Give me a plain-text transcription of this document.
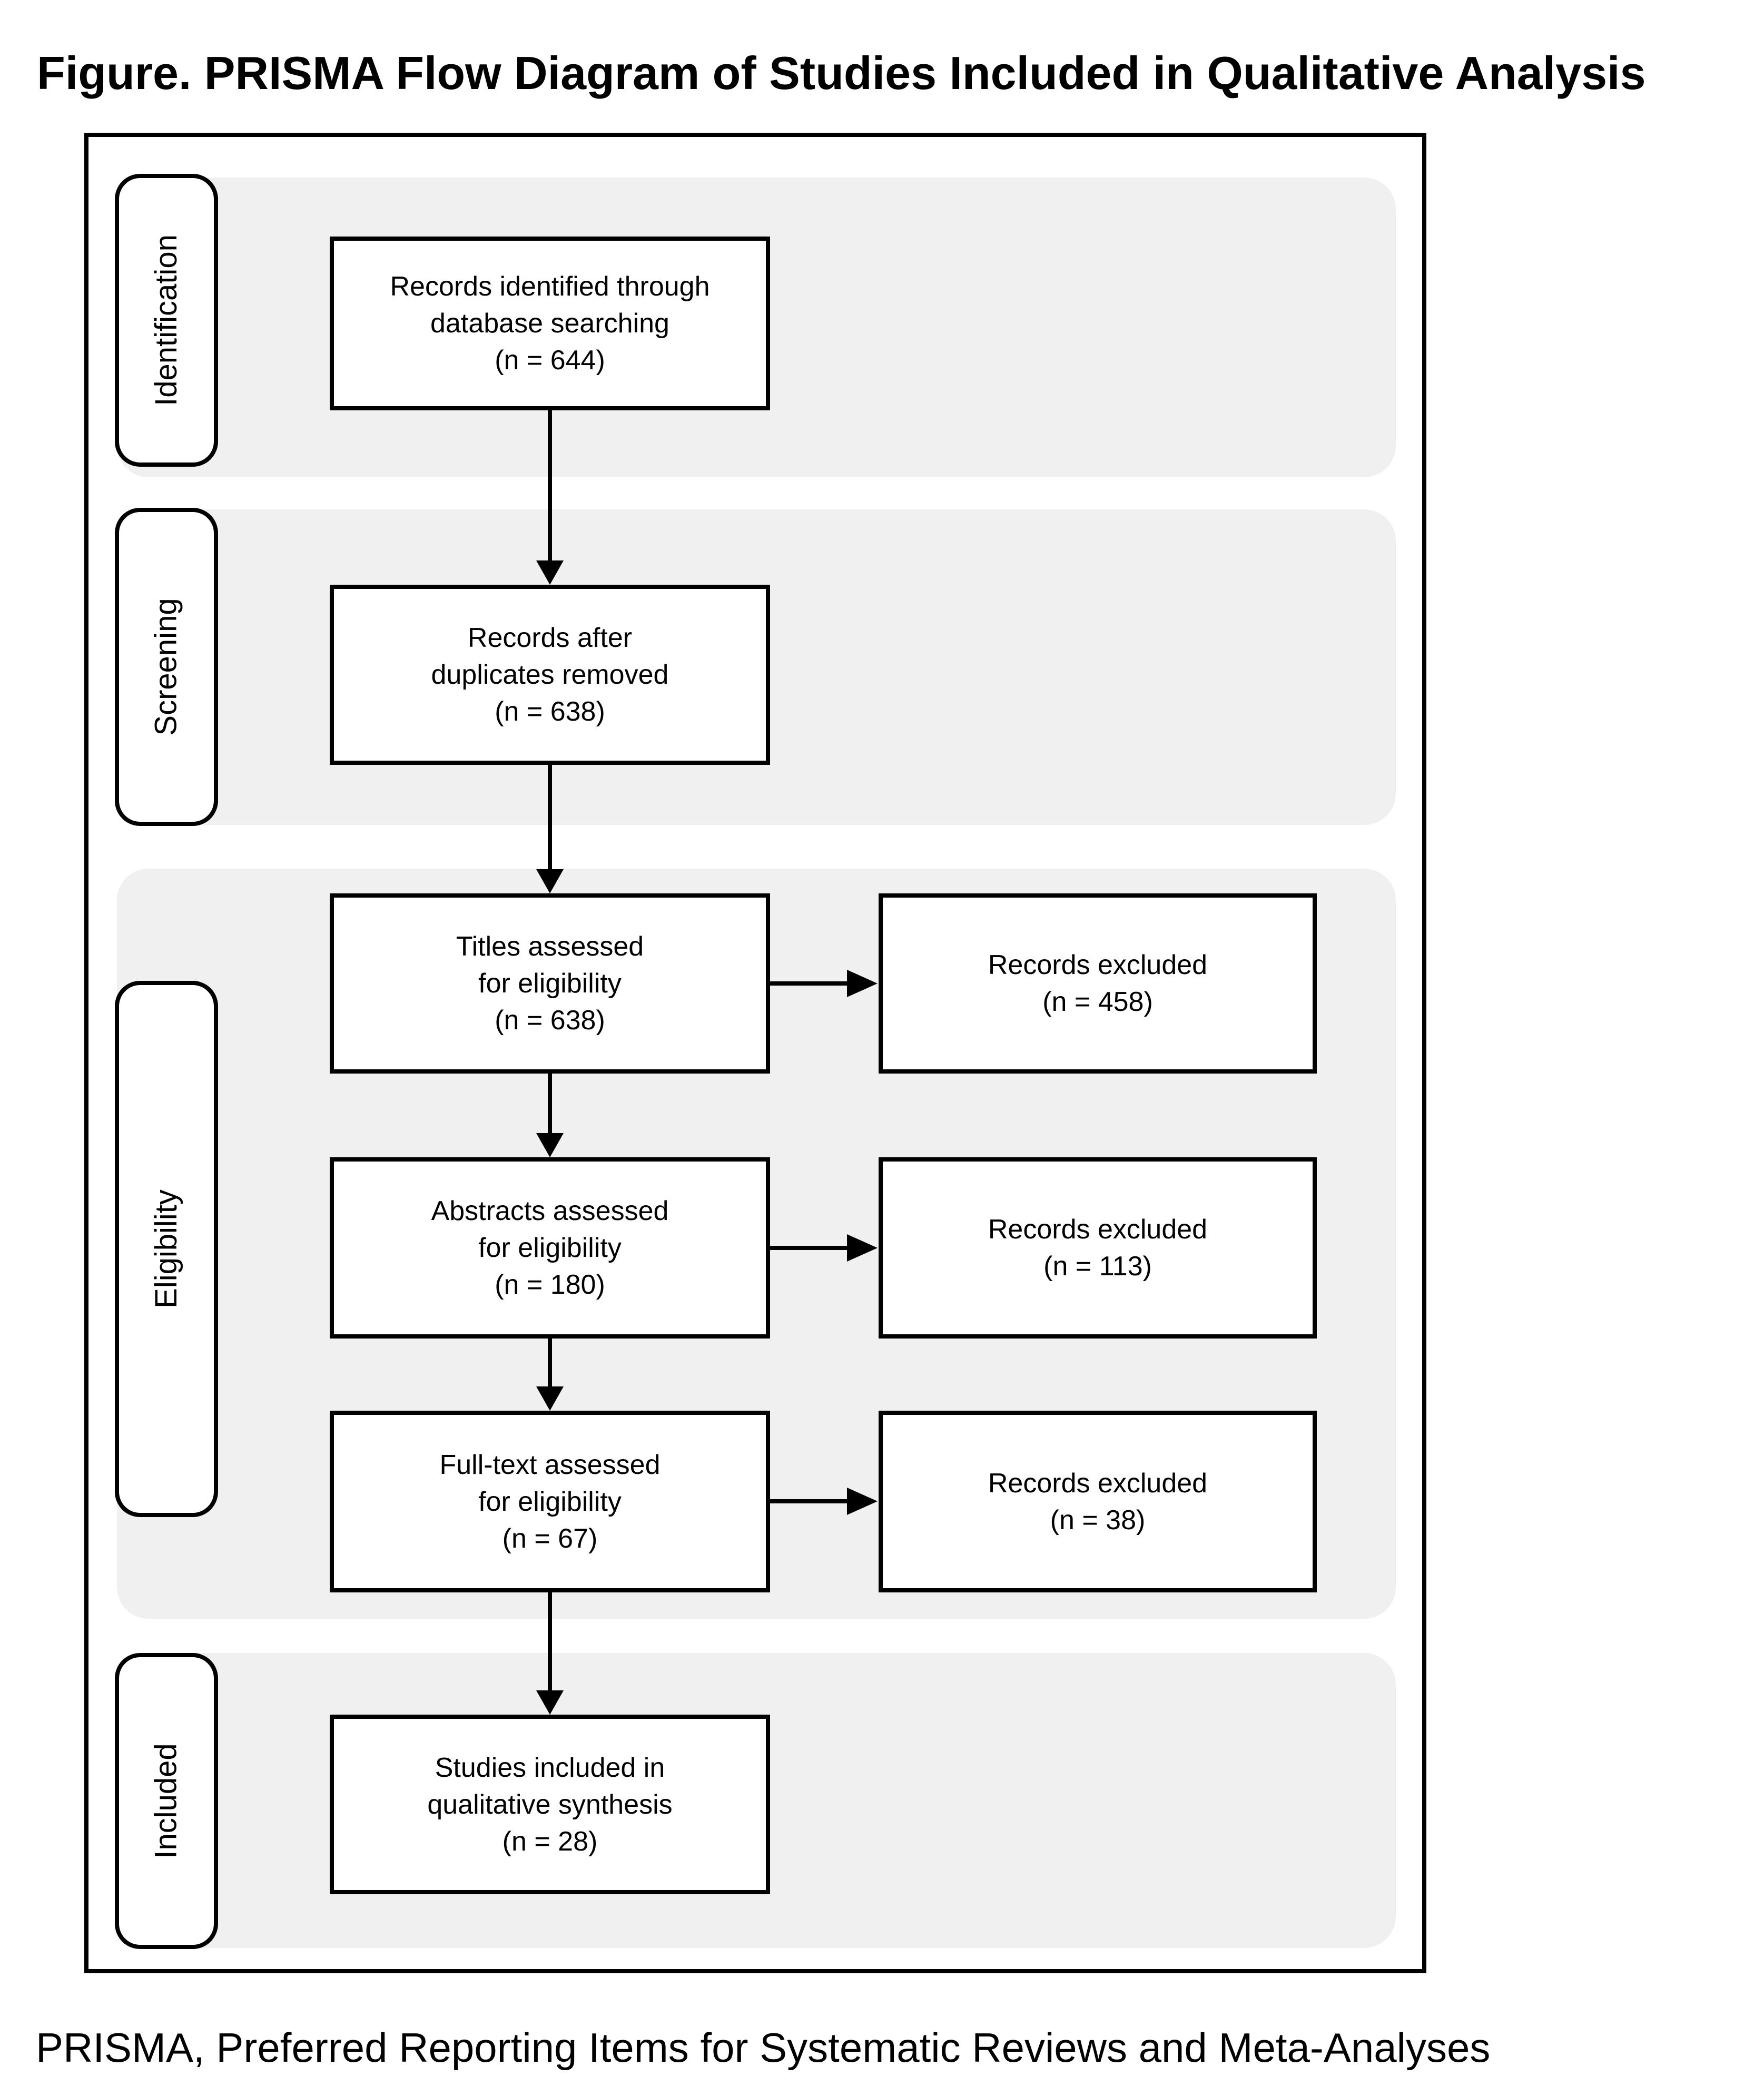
Figure. PRISMA Flow Diagram of Studies Included in Qualitative Analysis
Identification
Screening
Eligibility
Included
Records identified through
database searching
(n = 644)
Records after
duplicates removed
(n = 638)
Titles assessed
for eligibility
(n = 638)
Abstracts assessed
for eligibility
(n = 180)
Full-text assessed
for eligibility
(n = 67)
Studies included in
qualitative synthesis
(n = 28)
Records excluded
(n = 458)
Records excluded
(n = 113)
Records excluded
(n = 38)
PRISMA, Preferred Reporting Items for Systematic Reviews and Meta-Analyses
